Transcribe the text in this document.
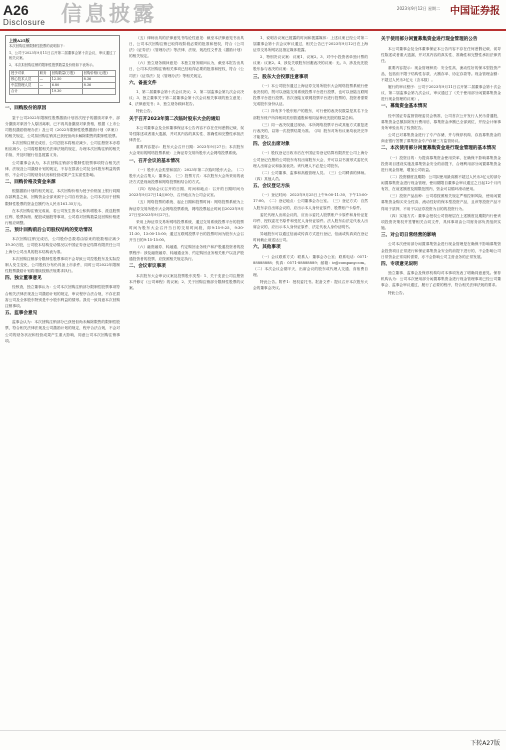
A26
Disclosure 信息披露	2023年9月12日 星期二 中国证券报

上接A25版

本次回购注销限制性股票的说明如下：

1、公司于2023年9月11日召开第二届董事会第十次会议，审议通过了相关议案。

2、本次拟回购注销的限制性股票数量及价格如下表所示。

授予对象	职务	回购数量(万股)	回购价格(元/股)
核心技术人员	—	12.50	8.36
中层管理人员	—	6.80	8.36
合计		19.30	
一、回购股份的原因

鉴于公司2022年限制性股票激励计划首次授予的激励对象中，部分激励对象因个人原因离职，已不再具备激励对象资格，根据《上市公司股权激励管理办法》及公司《2022年限制性股票激励计划（草案）》的相关规定，公司拟回购注销其已获授但尚未解除限售的限制性股票。

本次回购注销完成后，公司总股本将相应减少，公司注册资本亦将相应减少。公司将根据相关法律法规的规定，办理本次回购注销的相关手续，并及时履行信息披露义务。

公司董事会认为，本次回购注销部分限制性股票事项符合相关法律、法规及公司激励计划的规定，不存在损害公司及全体股东利益的情形，不会对公司的财务状况和经营成果产生实质性影响。

二、回购价格及资金来源

根据激励计划的相关规定，本次回购价格为授予价格加上银行同期存款利息之和，回购资金全部来源于公司自有资金。公司本次用于回购限制性股票的资金总额约为人民币161.35万元。

在本次回购注销完成前，若公司发生资本公积转增股本、派送股票红利、股票拆细、配股或缩股等事项，公司将对回购数量及回购价格进行相应调整。

三、预计回购前后公司股权结构的变动情况

本次回购注销完成后，公司股份总数将由原来的股数相应减少19.30万股，公司股本结构变动情况以中国证券登记结算有限责任公司上海分公司出具的股本结构表为准。

本次回购注销部分限制性股票事项不会导致公司控股股东及实际控制人发生变化，公司股权分布仍具备上市条件，同时公司2022年限制性股票激励计划将继续按照法规要求执行。

四、独立董事意见

经核查，独立董事认为：公司本次回购注销部分限制性股票事项符合相关法律法规及公司激励计划的规定，审议程序合法合规，不存在损害公司及全体股东特别是中小股东利益的情形。我们一致同意本次回购注销事项。

五、监事会意见

监事会认为：本次回购注销部分已获授但尚未解除限售的限制性股票，符合相关法律法规及公司激励计划的规定，程序合法合规，不会对公司的财务状况和经营成果产生重大影响，同意公司本次回购注销事项。

（五）律师出具的法律意见书结论性意见：截至本法律意见书出具日，公司本次回购注销已取得现阶段必要的批准和授权，符合《公司法》《证券法》《管理办法》等法律、法规、规范性文件及《激励计划》的相关规定。

（六）独立财务顾问意见：本独立财务顾问认为，截至本报告出具日，公司本次回购注销相关事项已经取得必要的批准和授权，符合《公司法》《证券法》及《管理办法》等相关规定。

六、备查文件

1、第二届董事会第十次会议决议；2、第二届监事会第九次会议决议；3、独立董事关于第二届董事会第十次会议相关事项的独立意见；4、法律意见书；5、独立财务顾问报告。

特此公告。

关于召开2023年第二次临时股东大会的通知

本公司董事会及全体董事保证本公告内容不存在任何虚假记载、误导性陈述或者重大遗漏，并对其内容的真实性、准确性和完整性承担法律责任。

重要内容提示：股东大会召开日期：2023年9月27日；本次股东大会采用的网络投票系统：上海证券交易所股东大会网络投票系统。

一、召开会议的基本情况

（一）股东大会类型和届次：2023年第二次临时股东大会。（二）股东大会召集人：董事会。（三）投票方式：本次股东大会所采用的表决方式是现场投票和网络投票相结合的方式。

（四）现场会议召开的日期、时间和地点：召开的日期时间为2023年9月27日14点00分，召开地点为公司会议室。

（五）网络投票的系统、起止日期和投票时间：网络投票系统为上海证券交易所股东大会网络投票系统，网络投票起止时间自2023年9月27日至2023年9月27日。

采用上海证券交易所网络投票系统，通过交易系统投票平台的投票时间为股东大会召开当日的交易时间段，即9:15-9:25，9:30-11:30，13:00-15:00；通过互联网投票平台的投票时间为股东大会召开当日的9:15-15:00。

（六）融资融券、转融通、约定购回业务账户和沪股通投资者的投票程序：涉及融资融券、转融通业务、约定购回业务相关账户以及沪股通投资者的投票，应按照相关规定执行。

二、会议审议事项

本次股东大会审议议案及投票股东类型：1、关于变更公司注册资本并修订《公司章程》的议案；2、关于回购注销部分限制性股票的议案。

1、说明各议案已披露的时间和披露媒体：上述议案已经公司第二届董事会第十次会议审议通过，相关公告已于2023年9月12日在上海证券交易所网站及指定媒体披露。

2、特别决议议案：议案1、议案2。3、对中小投资者单独计票的议案：议案2。4、涉及关联股东回避表决的议案：无。5、涉及优先股股东参与表决的议案：无。

三、股东大会投票注意事项

（一）本公司股东通过上海证券交易所股东大会网络投票系统行使表决权的，既可以登陆交易系统投票平台进行投票，也可以登陆互联网投票平台进行投票。首次登陆互联网投票平台进行投票的，投资者需要完成股东身份认证。

（二）持有多个股东账户的股东，可行使的表决权数量是其名下全部股东账户所持相同类别普通股和相同品种优先股的数量总和。

（三）同一表决权通过现场、本所网络投票平台或其他方式重复进行表决的，以第一次投票结果为准。（四）股东对所有议案均表决完毕才能提交。

四、会议出席对象

（一）股权登记日收市后在中国证券登记结算有限责任公司上海分公司登记在册的公司股东有权出席股东大会，并可以以书面形式委托代理人出席会议和参加表决。该代理人不必是公司股东。

（二）公司董事、监事和高级管理人员。（三）公司聘请的律师。（四）其他人员。

五、会议登记方法

（一）登记时间：2023年9月25日上午9:00-11:30，下午13:00-17:00。（二）登记地点：公司董事会办公室。（三）登记方式：自然人股东亲自出席会议的，应出示本人身份证原件、股票账户卡原件。

委托代理人出席会议的，应出示委托人股票账户卡原件和身份证复印件、授权委托书原件和受托人身份证原件。法人股东由法定代表人出席会议的，应出示本人身份证原件、法定代表人身份证明书。

异地股东可以通过信函或传真方式进行登记，信函或传真须在登记时间截止前送达公司。

六、其他事项

（一）会议联系方式：联系人：董事会办公室；联系电话：0571-88888888；传真：0571-88888889；邮箱：ir@company.com。（二）本次会议会期半天，出席会议的股东或代理人交通、食宿费自理。

特此公告。附件1：授权委托书。报备文件：提议召开本次股东大会的董事会决议。

关于使用部分闲置募集资金进行现金管理的公告

本公司董事会及全体董事保证本公告内容不存在任何虚假记载、误导性陈述或者重大遗漏，并对其内容的真实性、准确性和完整性承担法律责任。

重要内容提示：现金管理种类：安全性高、流动性好的保本型投资产品，包括但不限于结构性存款、大额存单、协定存款等。现金管理金额：不超过人民币3亿元（含本数）。

履行的审议程序：公司于2023年9月11日召开第二届董事会第十次会议、第二届监事会第九次会议，审议通过了《关于使用部分闲置募集资金进行现金管理的议案》。

一、募集资金基本情况

经中国证券监督管理委员会核准，公司首次公开发行人民币普通股，募集资金总额扣除发行费用后，募集资金净额已全部到位，并经会计师事务所审验出具了验资报告。

公司已对募集资金进行了专户存储，并与保荐机构、存放募集资金的商业银行签署了募集资金专户存储三方监管协议。

二、本次使用部分闲置募集资金进行现金管理的基本情况

（一）投资目的：为提高募集资金使用效率，在确保不影响募集资金投资项目建设实施及募集资金安全的前提下，合理利用部分闲置募集资金进行现金管理，增加公司收益。

（二）投资额度及期限：公司拟使用最高额不超过人民币3亿元的部分闲置募集资金进行现金管理，使用期限自董事会审议通过之日起12个月内有效，在前述额度及期限范围内，资金可以循环滚动使用。

（三）投资产品品种：公司将按照相关规定严格控制风险，使用闲置募集资金购买安全性高、流动性好的保本型投资产品，且该等投资产品不得用于质押，不用于以证券投资为目的的投资行为。

（四）实施方式：董事会授权公司管理层在上述额度及期限内行使该项投资决策权并签署相关合同文件，具体事项由公司财务部负责组织实施。

三、对公司日常经营的影响

公司本次使用部分闲置募集资金进行现金管理是在确保不影响募集资金投资项目正常进行和保证募集资金安全的前提下进行的，不会影响公司日常资金正常周转需要，亦不会影响公司主营业务的正常发展。

四、专项意见说明

独立董事、监事会及保荐机构均对本事项发表了明确同意意见。保荐机构认为：公司本次使用部分闲置募集资金进行现金管理事项已经公司董事会、监事会审议通过，履行了必要的程序，符合相关法律法规的要求。

特此公告。

下转A27版
